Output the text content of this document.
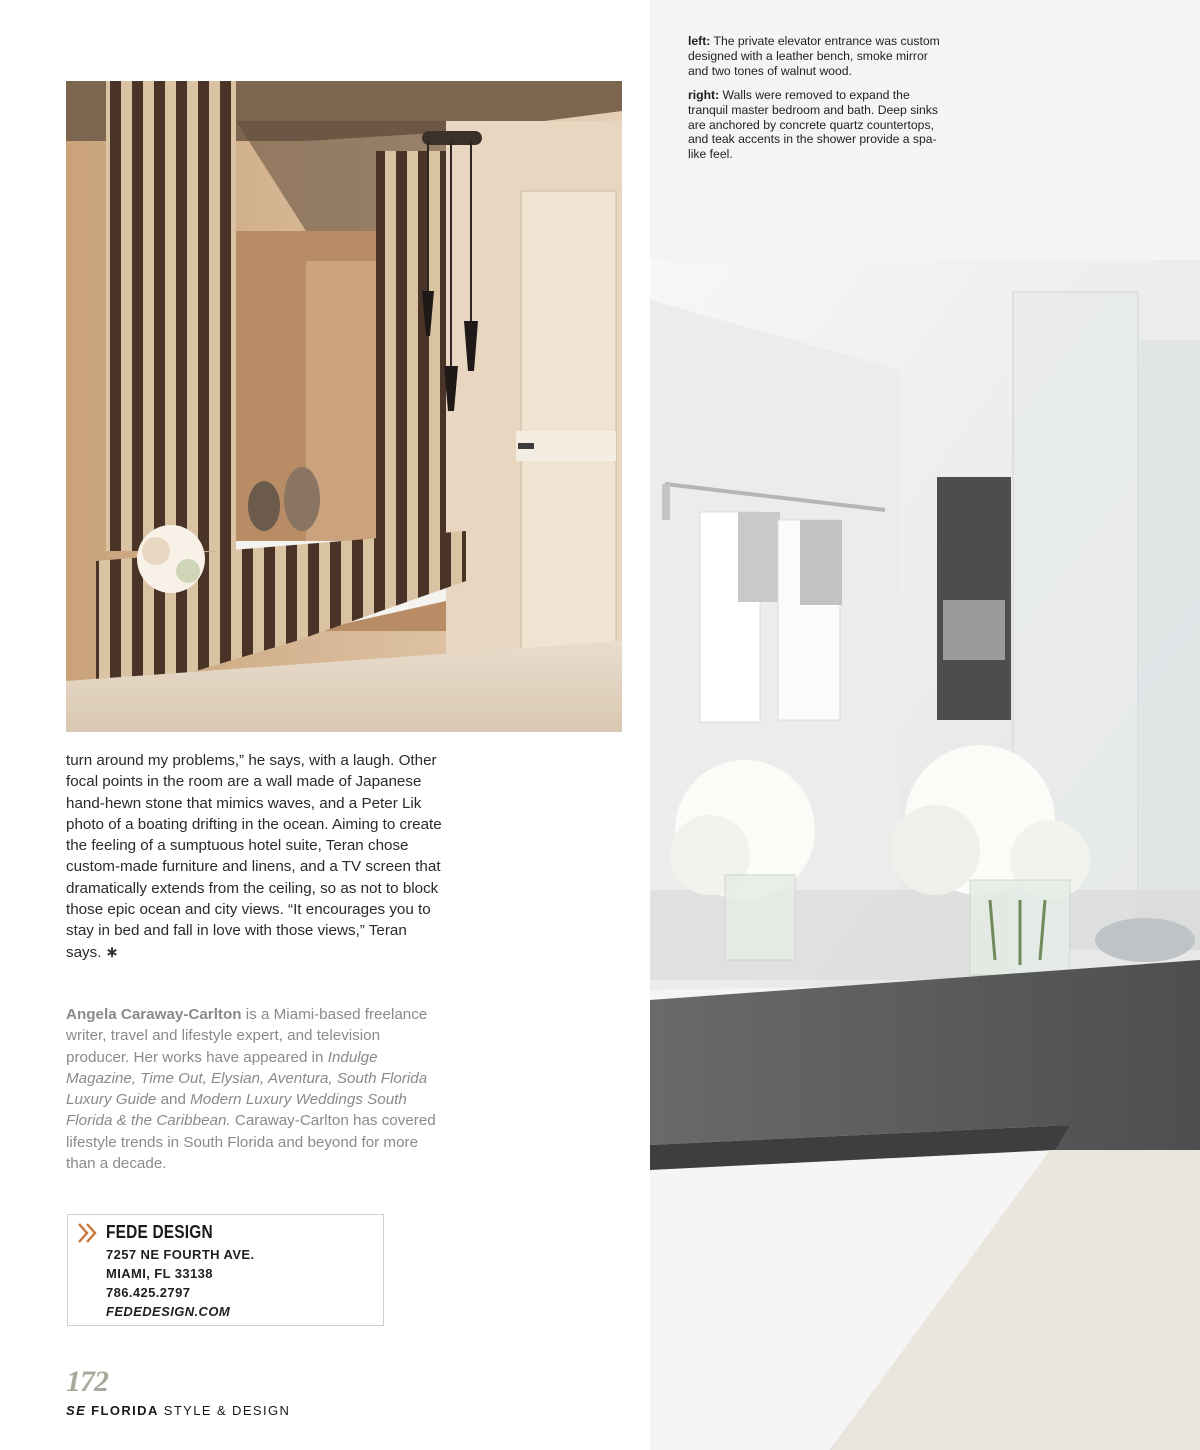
turn around my problems,” he says, with a laugh. Other focal points in the room are a wall made of Japanese hand-hewn stone that mimics waves, and a Peter Lik photo of a boating drifting in the ocean. Aiming to create the feeling of a sumptuous hotel suite, Teran chose custom-made furniture and linens, and a TV screen that dramatically extends from the ceiling, so as not to block those epic ocean and city views. “It encourages you to stay in bed and fall in love with those views,” Teran says. ∗

Angela Caraway-Carlton is a Miami-based freelance writer, travel and lifestyle expert, and television producer. Her works have appeared in Indulge Magazine, Time Out, Elysian, Aventura, South Florida Luxury Guide and Modern Luxury Weddings South Florida & the Caribbean. Caraway-Carlton has covered lifestyle trends in South Florida and beyond for more than a decade.

FEDE DESIGN
7257 NE FOURTH AVE.
MIAMI, FL 33138
786.425.2797
FEDEDESIGN.COM
172
SE FLORIDA STYLE & DESIGN

left: The private elevator entrance was custom designed with a leather bench, smoke mirror and two tones of walnut wood.

right: Walls were removed to expand the tranquil master bedroom and bath. Deep sinks are anchored by concrete quartz countertops, and teak accents in the shower provide a spa-like feel.
